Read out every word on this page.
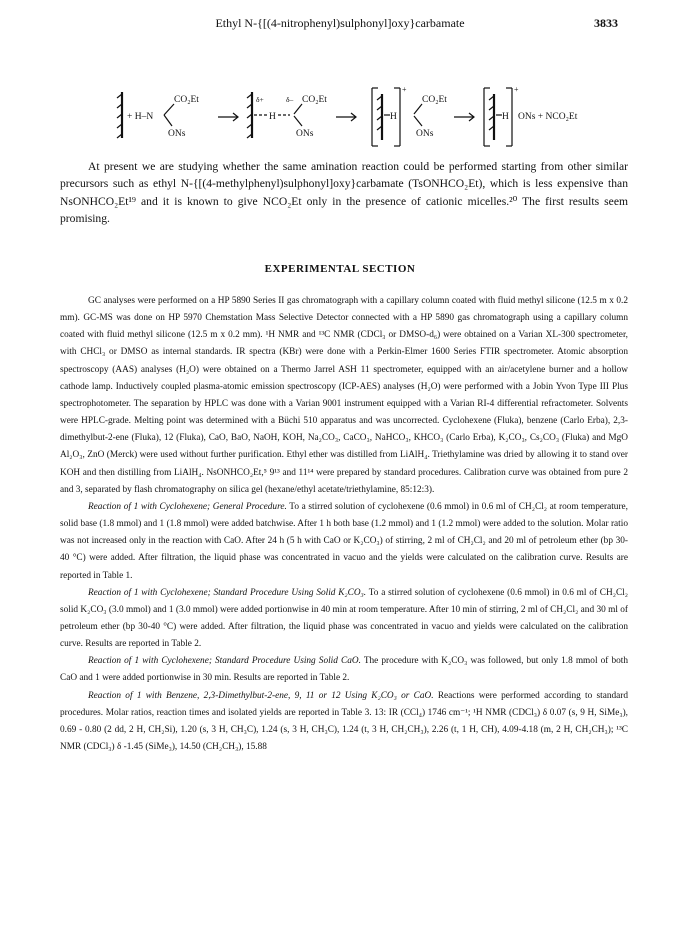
Ethyl N-{[(4-nitrophenyl)sulphonyl]oxy}carbamate	3833
+ H–N
CO₂Et
ONs
δ+
H
δ– CO₂Et
ONs
H
+
CO₂Et
ONs
H
+
ONs + NCO₂Et

At present we are studying whether the same amination reaction could be performed starting from other similar precursors such as ethyl N-{[(4-methylphenyl)sulphonyl]oxy}carbamate (TsONHCO₂Et), which is less expensive than NsONHCO₂Et¹⁹ and it is known to give NCO₂Et only in the presence of cationic micelles.²⁰ The first results seem promising.

EXPERIMENTAL SECTION

GC analyses were performed on a HP 5890 Series II gas chromatograph with a capillary column coated with fluid methyl silicone (12.5 m x 0.2 mm). GC-MS was done on HP 5970 Chemstation Mass Selective Detector connected with a HP 5890 gas chromatograph using a capillary column coated with fluid methyl silicone (12.5 m x 0.2 mm). ¹H NMR and ¹³C NMR (CDCl₃ or DMSO-d₆) were obtained on a Varian XL-300 spectrometer, with CHCl₃ or DMSO as internal standards. IR spectra (KBr) were done with a Perkin-Elmer 1600 Series FTIR spectrometer. Atomic absorption spectroscopy (AAS) analyses (H₂O) were obtained on a Thermo Jarrel ASH 11 spectrometer, equipped with an air/acetylene burner and a hollow cathode lamp. Inductively coupled plasma-atomic emission spectroscopy (ICP-AES) analyses (H₂O) were performed with a Jobin Yvon Type III Plus spectrophotometer. The separation by HPLC was done with a Varian 9001 instrument equipped with a Varian RI-4 differential refractometer. Solvents were HPLC-grade. Melting point was determined with a Büchi 510 apparatus and was uncorrected. Cyclohexene (Fluka), benzene (Carlo Erba), 2,3-dimethylbut-2-ene (Fluka), 12 (Fluka), CaO, BaO, NaOH, KOH, Na₂CO₃, CaCO₃, NaHCO₃, KHCO₃ (Carlo Erba), K₂CO₃, Cs₂CO₃ (Fluka) and MgO Al₂O₃, ZnO (Merck) were used without further purification. Ethyl ether was distilled from LiAlH₄. Triethylamine was dried by allowing it to stand over KOH and then distilling from LiAlH₄. NsONHCO₂Et,⁵ 9¹³ and 11¹⁴ were prepared by standard procedures. Calibration curve was obtained from pure 2 and 3, separated by flash chromatography on silica gel (hexane/ethyl acetate/triethylamine, 85:12:3).

Reaction of 1 with Cyclohexene; General Procedure. To a stirred solution of cyclohexene (0.6 mmol) in 0.6 ml of CH₂Cl₂ at room temperature, solid base (1.8 mmol) and 1 (1.8 mmol) were added batchwise. After 1 h both base (1.2 mmol) and 1 (1.2 mmol) were added to the solution. Molar ratio was not increased only in the reaction with CaO. After 24 h (5 h with CaO or K₂CO₃) of stirring, 2 ml of CH₂Cl₂ and 20 ml of petroleum ether (bp 30-40 °C) were added. After filtration, the liquid phase was concentrated in vacuo and the yields were calculated on the calibration curve. Results are reported in Table 1.

Reaction of 1 with Cyclohexene; Standard Procedure Using Solid K₂CO₃. To a stirred solution of cyclohexene (0.6 mmol) in 0.6 ml of CH₂Cl₂ solid K₂CO₃ (3.0 mmol) and 1 (3.0 mmol) were added portionwise in 40 min at room temperature. After 10 min of stirring, 2 ml of CH₂Cl₂ and 30 ml of petroleum ether (bp 30-40 °C) were added. After filtration, the liquid phase was concentrated in vacuo and yields were calculated on the calibration curve. Results are reported in Table 2.

Reaction of 1 with Cyclohexene; Standard Procedure Using Solid CaO. The procedure with K₂CO₃ was followed, but only 1.8 mmol of both CaO and 1 were added portionwise in 30 min. Results are reported in Table 2.

Reaction of 1 with Benzene, 2,3-Dimethylbut-2-ene, 9, 11 or 12 Using K₂CO₃ or CaO. Reactions were performed according to standard procedures. Molar ratios, reaction times and isolated yields are reported in Table 3. 13: IR (CCl₄) 1746 cm⁻¹; ¹H NMR (CDCl₃) δ 0.07 (s, 9 H, SiMe₃), 0.69 - 0.80 (2 dd, 2 H, CH₂Si), 1.20 (s, 3 H, CH₃C), 1.24 (s, 3 H, CH₃C), 1.24 (t, 3 H, CH₂CH₃), 2.26 (t, 1 H, CH), 4.09-4.18 (m, 2 H, CH₂CH₃); ¹³C NMR (CDCl₃) δ -1.45 (SiMe₃), 14.50 (CH₂CH₃), 15.88
